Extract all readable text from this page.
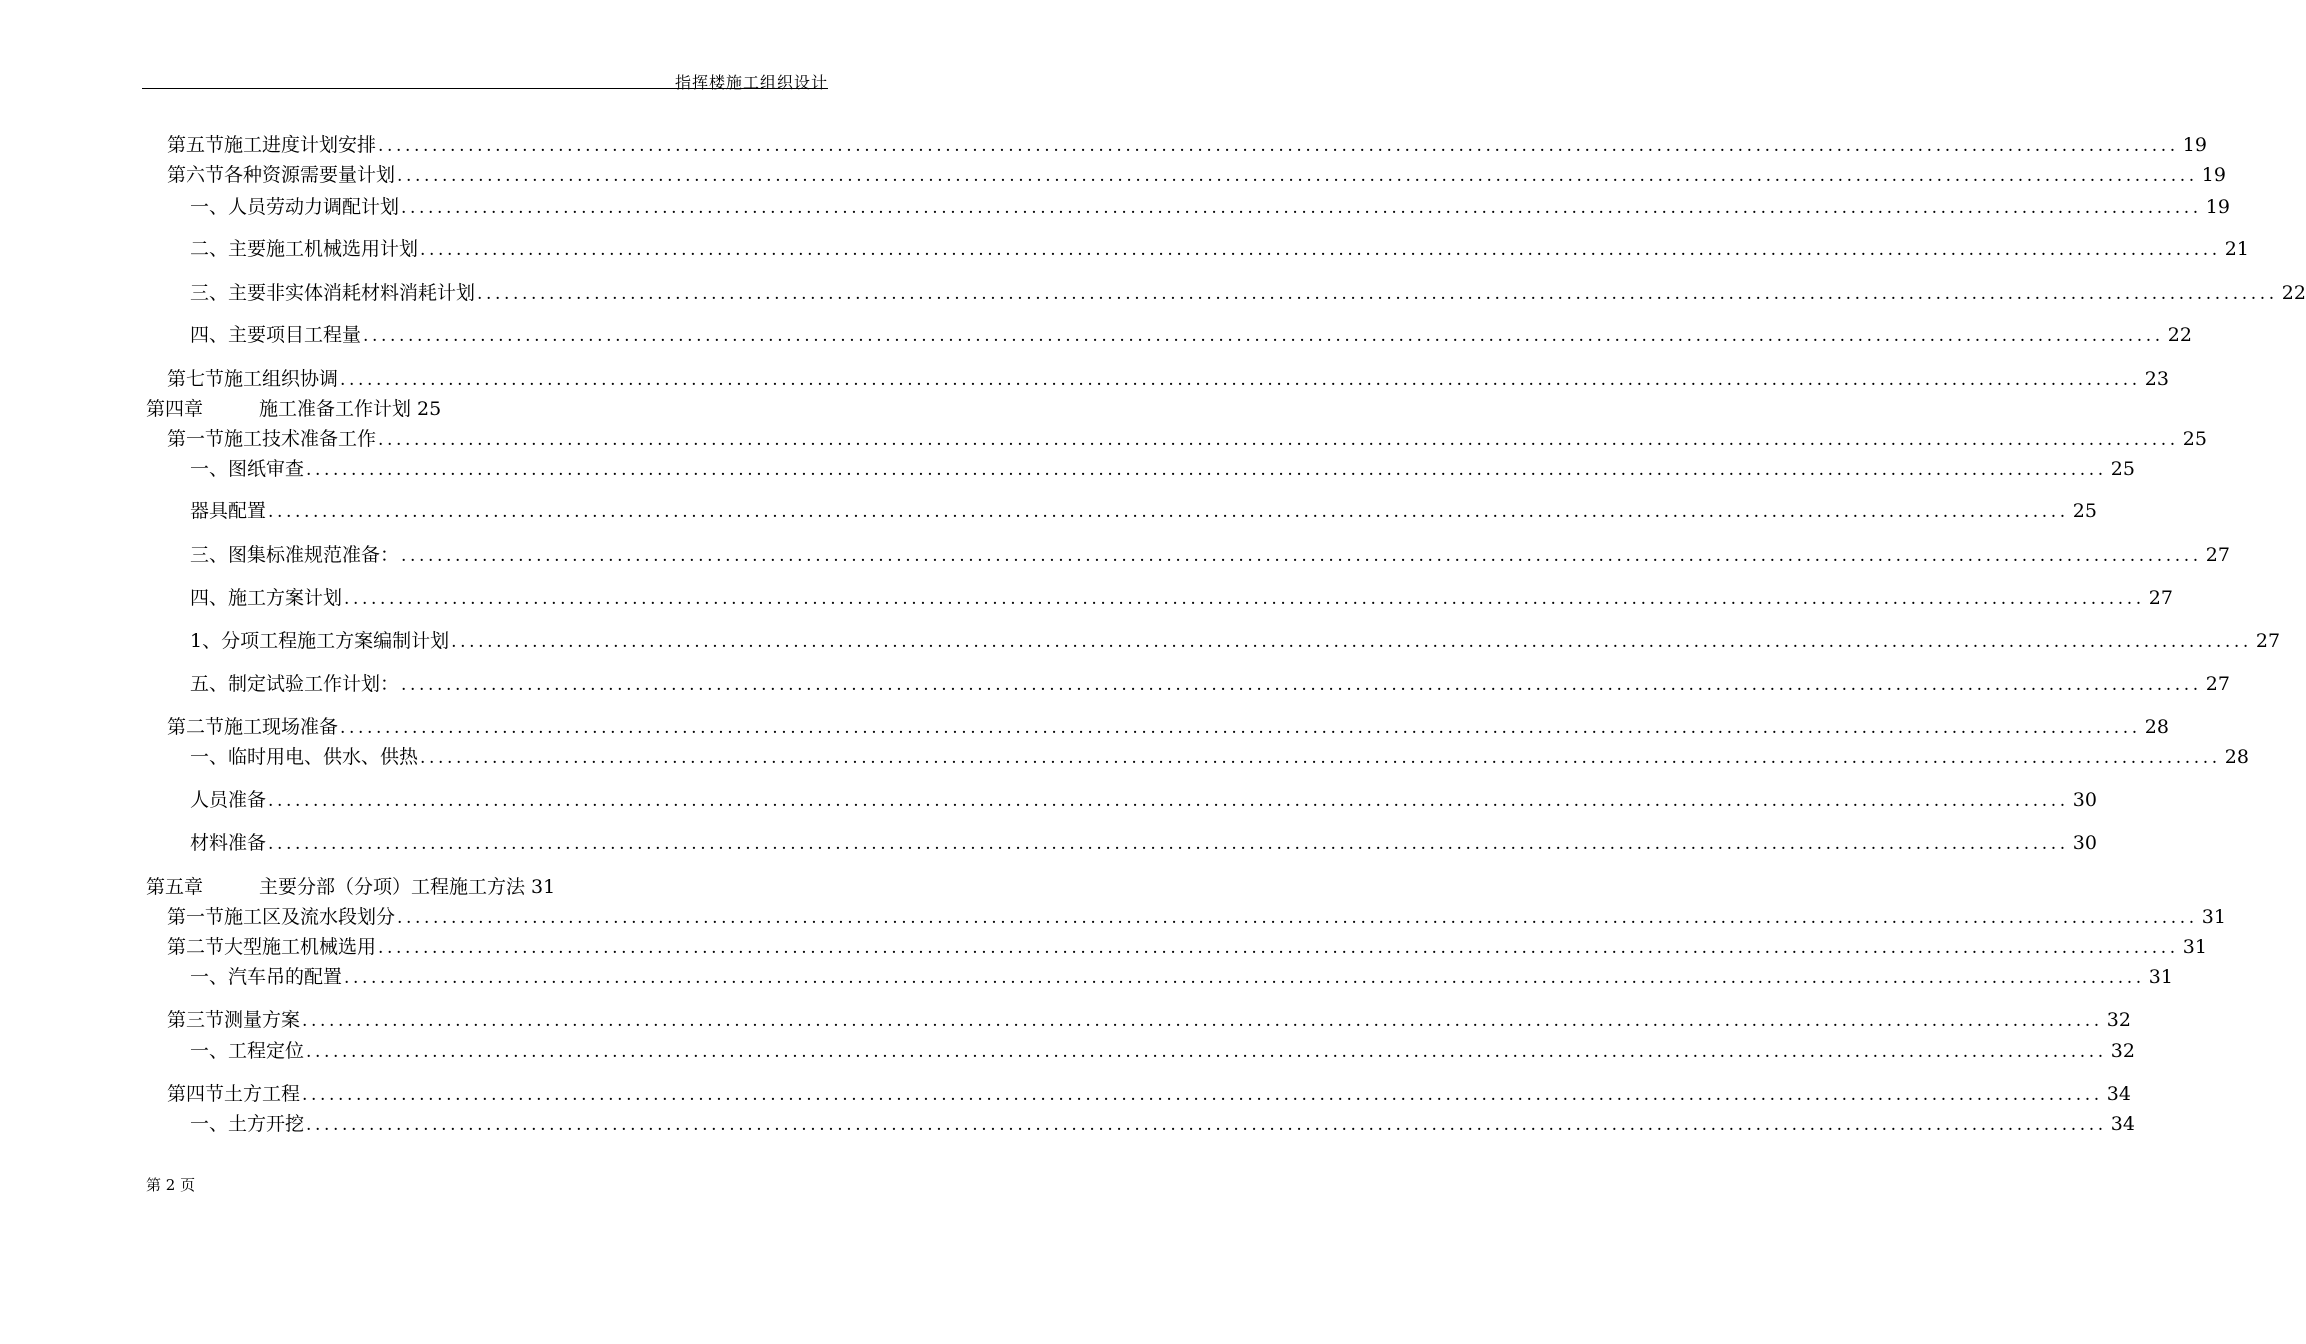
指挥楼施工组织设计
第五节 施工进度计划安排 ........................................................................................................................................................................................................ 19
第六节 各种资源需要量计划 ........................................................................................................................................................................................................ 19
一、人员劳动力调配计划 ........................................................................................................................................................................................................ 19
二、主要施工机械选用计划 ........................................................................................................................................................................................................ 21
三、主要非实体消耗材料消耗计划 ........................................................................................................................................................................................................ 22
四、主要项目工程量 ........................................................................................................................................................................................................ 22
第七节 施工组织协调 ........................................................................................................................................................................................................ 23
第四章	施工准备工作计划 25
第一节 施工技术准备工作 ........................................................................................................................................................................................................ 25
一、图纸审查 ........................................................................................................................................................................................................ 25
器具配置 ........................................................................................................................................................................................................ 25
三、图集标准规范准备： ........................................................................................................................................................................................................ 27
四、施工方案计划 ........................................................................................................................................................................................................ 27
1、分项工程施工方案编制计划 ........................................................................................................................................................................................................ 27
五、制定试验工作计划： ........................................................................................................................................................................................................ 27
第二节 施工现场准备 ........................................................................................................................................................................................................ 28
一、临时用电、供水、供热 ........................................................................................................................................................................................................ 28
人员准备 ........................................................................................................................................................................................................ 30
材料准备 ........................................................................................................................................................................................................ 30
第五章	主要分部（分项）工程施工方法 31
第一节 施工区及流水段划分 ........................................................................................................................................................................................................ 31
第二节 大型施工机械选用 ........................................................................................................................................................................................................ 31
一、汽车吊的配置 ........................................................................................................................................................................................................ 31
第三节 测量方案 ........................................................................................................................................................................................................ 32
一、工程定位 ........................................................................................................................................................................................................ 32
第四节 土方工程 ........................................................................................................................................................................................................ 34
一、土方开挖 ........................................................................................................................................................................................................ 34
第 2 页
